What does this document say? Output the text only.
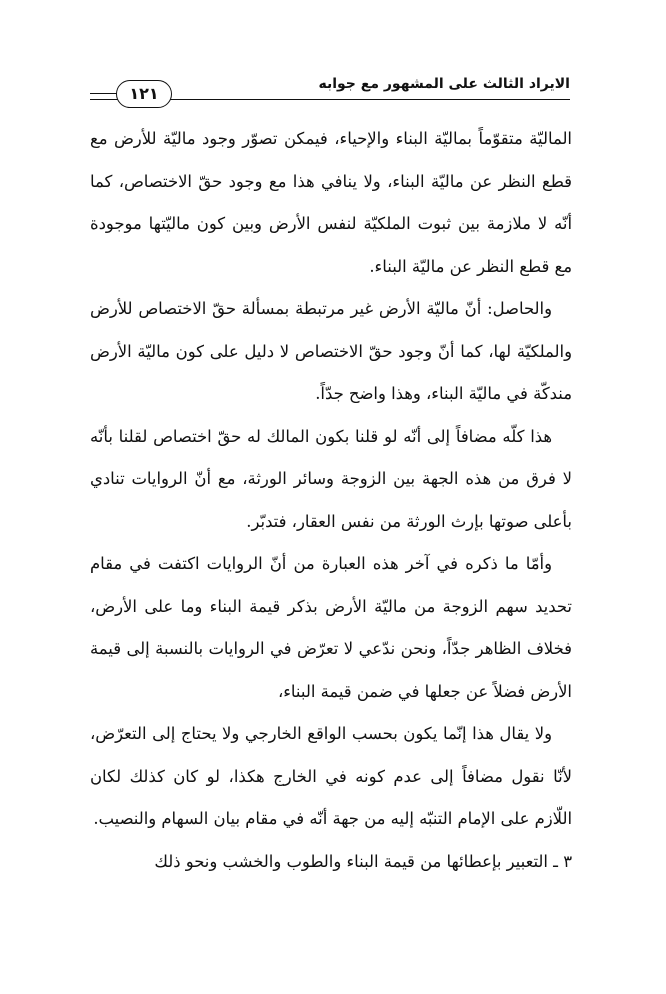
الايراد الثالث على المشهور مع جوابه
١٢١

الماليّة متقوّماً بماليّة البناء والإحياء، فيمكن تصوّر وجود ماليّة للأرض مع قطع النظر عن ماليّة البناء، ولا ينافي هذا مع وجود حقّ الاختصاص، كما أنّه لا ملازمة بين ثبوت الملكيّة لنفس الأرض وبين كون ماليّتها موجودة مع قطع النظر عن ماليّة البناء.

والحاصل: أنّ ماليّة الأرض غير مرتبطة بمسألة حقّ الاختصاص للأرض والملكيّة لها، كما أنّ وجود حقّ الاختصاص لا دليل على كون ماليّة الأرض مندكّة في ماليّة البناء، وهذا واضح جدّاً.

هذا كلّه مضافاً إلى أنّه لو قلنا بكون المالك له حقّ اختصاص لقلنا بأنّه لا فرق من هذه الجهة بين الزوجة وسائر الورثة، مع أنّ الروايات تنادي بأعلى صوتها بإرث الورثة من نفس العقار، فتدبّر.

وأمّا ما ذكره في آخر هذه العبارة من أنّ الروايات اكتفت في مقام تحديد سهم الزوجة من ماليّة الأرض بذكر قيمة البناء وما على الأرض، فخلاف الظاهر جدّاً، ونحن ندّعي لا تعرّض في الروايات بالنسبة إلى قيمة الأرض فضلاً عن جعلها في ضمن قيمة البناء،

ولا يقال هذا إنّما يكون بحسب الواقع الخارجي ولا يحتاج إلى التعرّض، لأنّا نقول مضافاً إلى عدم كونه في الخارج هكذا، لو كان كذلك لكان اللّازم على الإمام التنبّه إليه من جهة أنّه في مقام بيان السهام والنصيب.

٣ ـ التعبير بإعطائها من قيمة البناء والطوب والخشب ونحو ذلك
